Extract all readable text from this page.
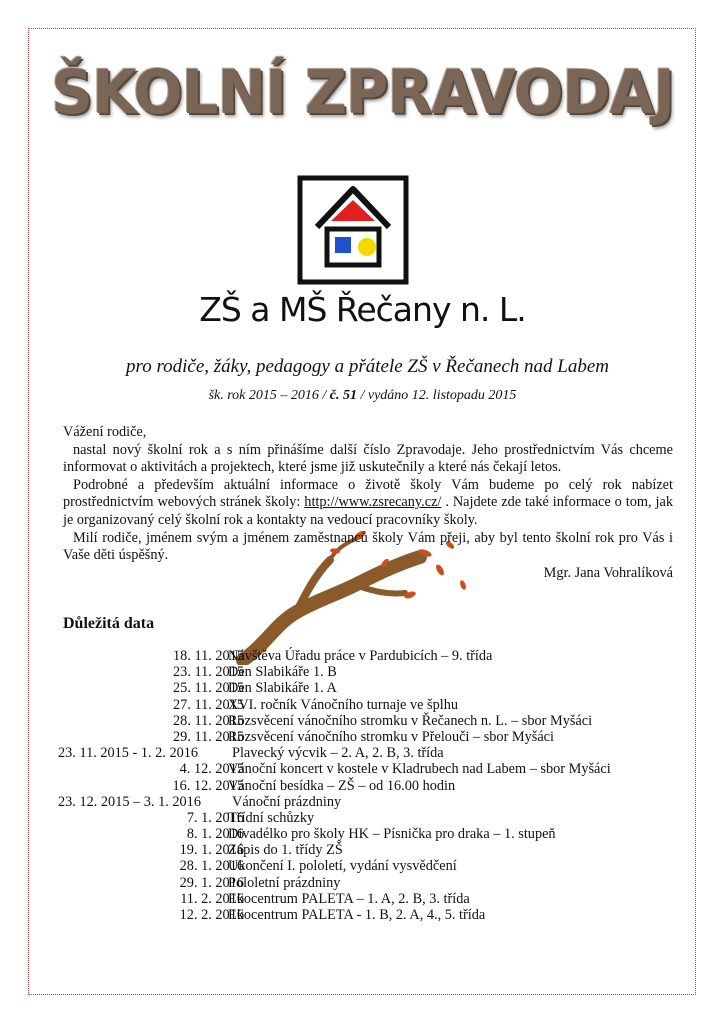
ŠKOLNÍ ZPRAVODAJ
ZŠ a MŠ Řečany n. L.
pro rodiče, žáky, pedagogy a přátele ZŠ v Řečanech nad Labem
šk. rok 2015 – 2016 / č. 51 / vydáno 12. listopadu 2015

Vážení rodiče,

nastal nový školní rok a s ním přinášíme další číslo Zpravodaje. Jeho prostřednictvím Vás chceme informovat o aktivitách a projektech, které jsme již uskutečnily a které nás čekají letos.

Podrobné a především aktuální informace o životě školy Vám budeme po celý rok nabízet prostřednictvím webových stránek školy: http://www.zsrecany.cz/ . Najdete zde také informace o tom, jak je organizovaný celý školní rok a kontakty na vedoucí pracovníky školy.

Milí rodiče, jménem svým a jménem zaměstnanců školy Vám přeji, aby byl tento školní rok pro Vás i Vaše děti úspěšný.

Mgr. Jana Vohralíková

Důležitá data
18. 11. 2015
Návštěva Úřadu práce v Pardubicích – 9. třída
23. 11. 2015
Den Slabikáře 1. B
25. 11. 2015
Den Slabikáře 1. A
27. 11. 2015
XVI. ročník Vánočního turnaje ve šplhu
28. 11. 2015
Rozsvěcení vánočního stromku v Řečanech n. L. – sbor Myšáci
29. 11. 2015
Rozsvěcení vánočního stromku v Přelouči – sbor Myšáci
23. 11. 2015 - 1. 2. 2016 Plavecký výcvik – 2. A, 2. B, 3. třída
4. 12. 2015
Vánoční koncert v kostele v Kladrubech nad Labem – sbor Myšáci
16. 12. 2015
Vánoční besídka – ZŠ – od 16.00 hodin
23. 12. 2015 – 3. 1. 2016 Vánoční prázdniny
7. 1. 2016
Třídní schůzky
8. 1. 2016
Divadélko pro školy HK – Písnička pro draka – 1. stupeň
19. 1. 2016
Zápis do 1. třídy ZŠ
28. 1. 2016
Ukončení I. pololetí, vydání vysvědčení
29. 1. 2016
Pololetní prázdniny
11. 2. 2016
Ekocentrum PALETA – 1. A, 2. B, 3. třída
12. 2. 2016
Ekocentrum PALETA - 1. B, 2. A, 4., 5. třída
